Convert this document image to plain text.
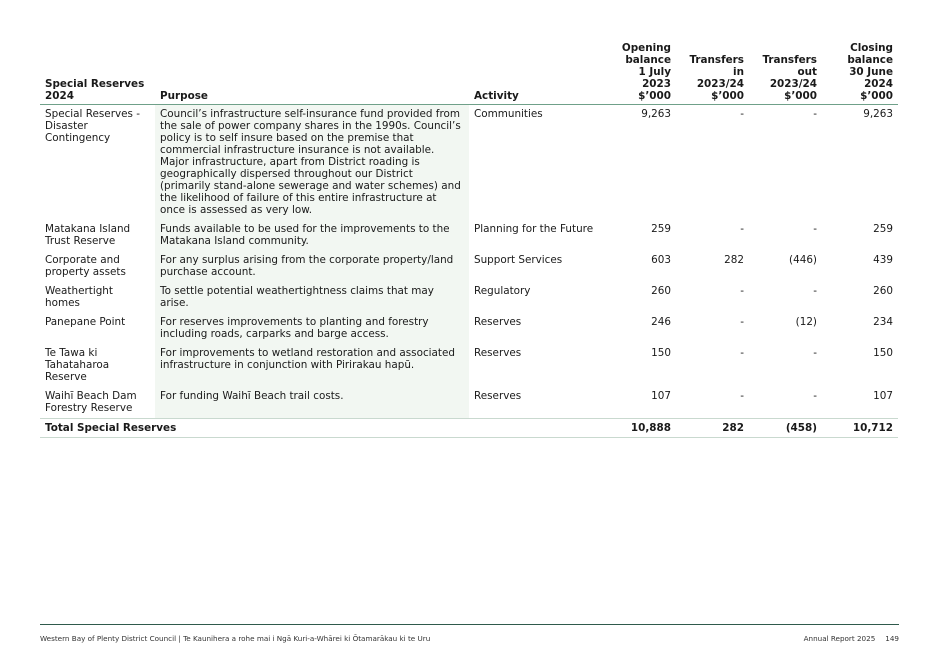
Special Reserves
2024	Purpose	Activity	Opening
balance
1 July 2023
$’000	Transfers in
2023/24
$’000	Transfers
out
2023/24
$’000	Closing
balance
30 June 2024
$’000
Special Reserves -
Disaster Contingency	Council’s infrastructure self-insurance fund provided from the sale of power company shares in the 1990s. Council’s policy is to self insure based on the premise that commercial infrastructure insurance is not available. Major infrastructure, apart from District roading is geographically dispersed throughout our District (primarily stand-alone sewerage and water schemes) and the likelihood of failure of this entire infrastructure at once is assessed as very low.	Communities	9,263	-	-	9,263
Matakana Island
Trust Reserve	Funds available to be used for the improvements to the Matakana Island community.	Planning for the Future	259	-	-	259
Corporate and
property assets	For any surplus arising from the corporate property/land purchase account.	Support Services	603	282	(446)	439
Weathertight homes	To settle potential weathertightness claims that may arise.	Regulatory	260	-	-	260
Panepane Point	For reserves improvements to planting and forestry including roads, carparks and barge access.	Reserves	246	-	(12)	234
Te Tawa ki
Tahataharoa Reserve	For improvements to wetland restoration and associated infrastructure in conjunction with Pirirakau hapū.	Reserves	150	-	-	150
Waihī Beach Dam
Forestry Reserve	For funding Waihī Beach trail costs.	Reserves	107	-	-	107
Total Special Reserves			10,888	282	(458)	10,712
Western Bay of Plenty District Council | Te Kaunihera a rohe mai i Ngā Kuri-a-Whārei ki Ōtamarākau ki te Uru	Annual Report 2025 149
